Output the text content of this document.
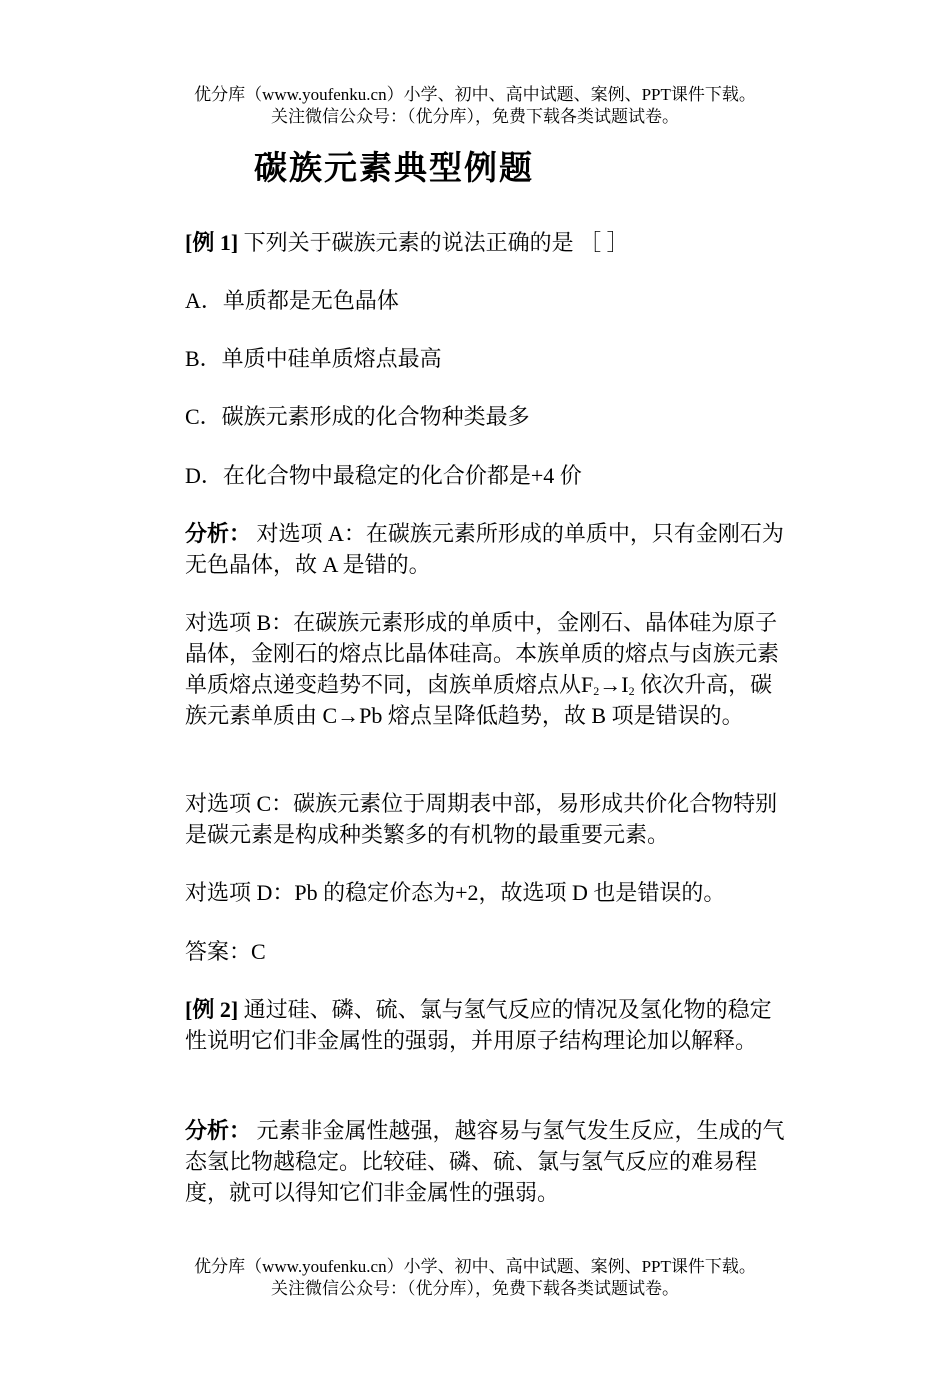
优分库（www.youfenku.cn）小学、初中、高中试题、案例、PPT课件下载。

关注微信公众号：（优分库），免费下载各类试题试卷。

碳族元素典型例题

[例 1] 下列关于碳族元素的说法正确的是 ［ ］

A．单质都是无色晶体

B．单质中硅单质熔点最高

C．碳族元素形成的化合物种类最多

D．在化合物中最稳定的化合价都是+4 价

分析： 对选项 A：在碳族元素所形成的单质中，只有金刚石为无色晶体，故 A 是错的。

对选项 B：在碳族元素形成的单质中，金刚石、晶体硅为原子晶体，金刚石的熔点比晶体硅高。本族单质的熔点与卤族元素单质熔点递变趋势不同，卤族单质熔点从$F_2\to I_2$ 依次升高，碳族元素单质由 C→Pb 熔点呈降低趋势，故 B 项是错误的。

对选项 C：碳族元素位于周期表中部，易形成共价化合物特别是碳元素是构成种类繁多的有机物的最重要元素。

对选项 D：Pb 的稳定价态为+2，故选项 D 也是错误的。

答案：C

[例 2] 通过硅、磷、硫、氯与氢气反应的情况及氢化物的稳定性说明它们非金属性的强弱，并用原子结构理论加以解释。

分析： 元素非金属性越强，越容易与氢气发生反应，生成的气态氢比物越稳定。比较硅、磷、硫、氯与氢气反应的难易程度，就可以得知它们非金属性的强弱。

优分库（www.youfenku.cn）小学、初中、高中试题、案例、PPT课件下载。

关注微信公众号：（优分库），免费下载各类试题试卷。
